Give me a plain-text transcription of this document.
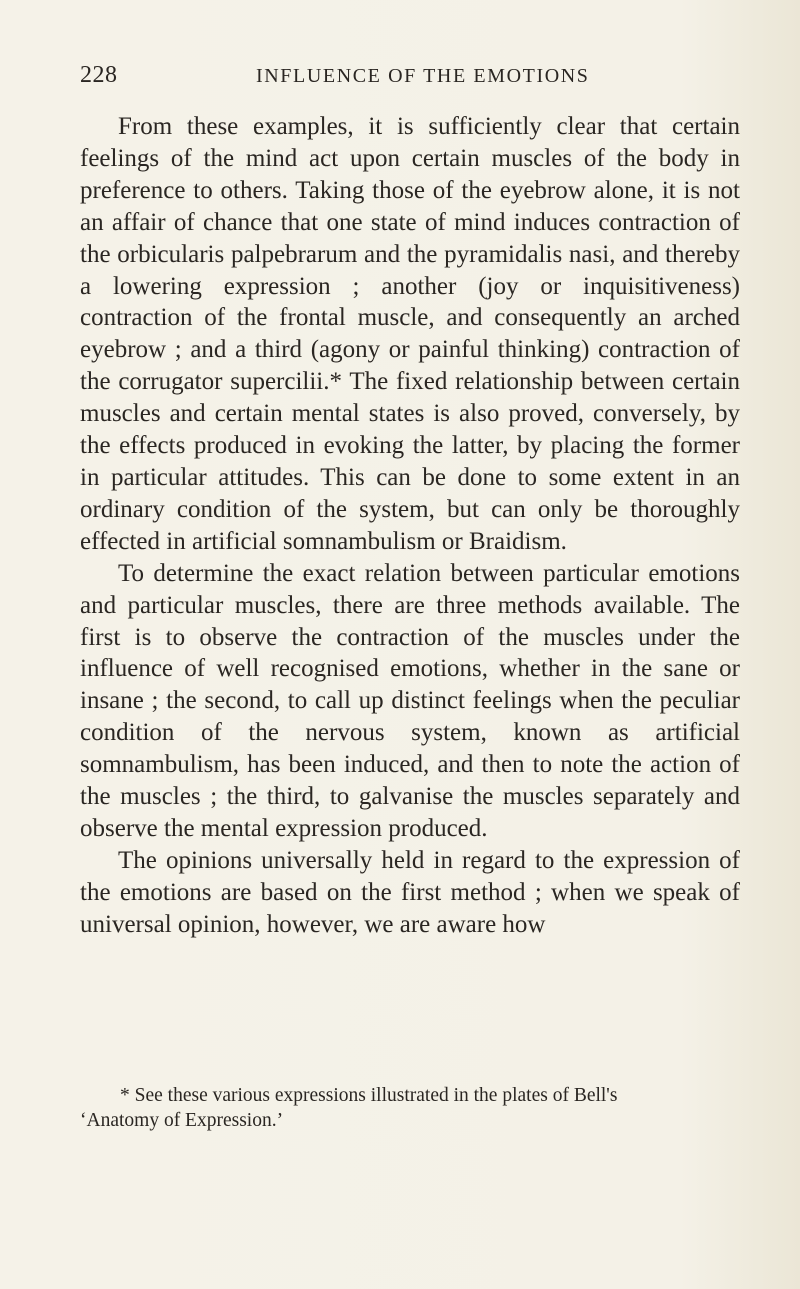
228	INFLUENCE OF THE EMOTIONS

From these examples, it is sufficiently clear that certain feelings of the mind act upon certain muscles of the body in preference to others. Taking those of the eyebrow alone, it is not an affair of chance that one state of mind induces contraction of the orbicularis palpebrarum and the pyramidalis nasi, and thereby a lowering expression ; another (joy or inquisitiveness) contraction of the frontal muscle, and consequently an arched eyebrow ; and a third (agony or painful thinking) contraction of the corrugator supercilii.* The fixed relationship between certain muscles and certain mental states is also proved, conversely, by the effects produced in evoking the latter, by placing the former in particular attitudes. This can be done to some extent in an ordinary condition of the system, but can only be thoroughly effected in artificial somnambulism or Braidism.

To determine the exact relation between particular emotions and particular muscles, there are three methods available. The first is to observe the contraction of the muscles under the influence of well recognised emotions, whether in the sane or insane ; the second, to call up distinct feelings when the peculiar condition of the nervous system, known as artificial somnambulism, has been induced, and then to note the action of the muscles ; the third, to galvanise the muscles separately and observe the mental expression produced.

The opinions universally held in regard to the expression of the emotions are based on the first method ; when we speak of universal opinion, however, we are aware how

* See these various expressions illustrated in the plates of Bell's

‘Anatomy of Expression.’
